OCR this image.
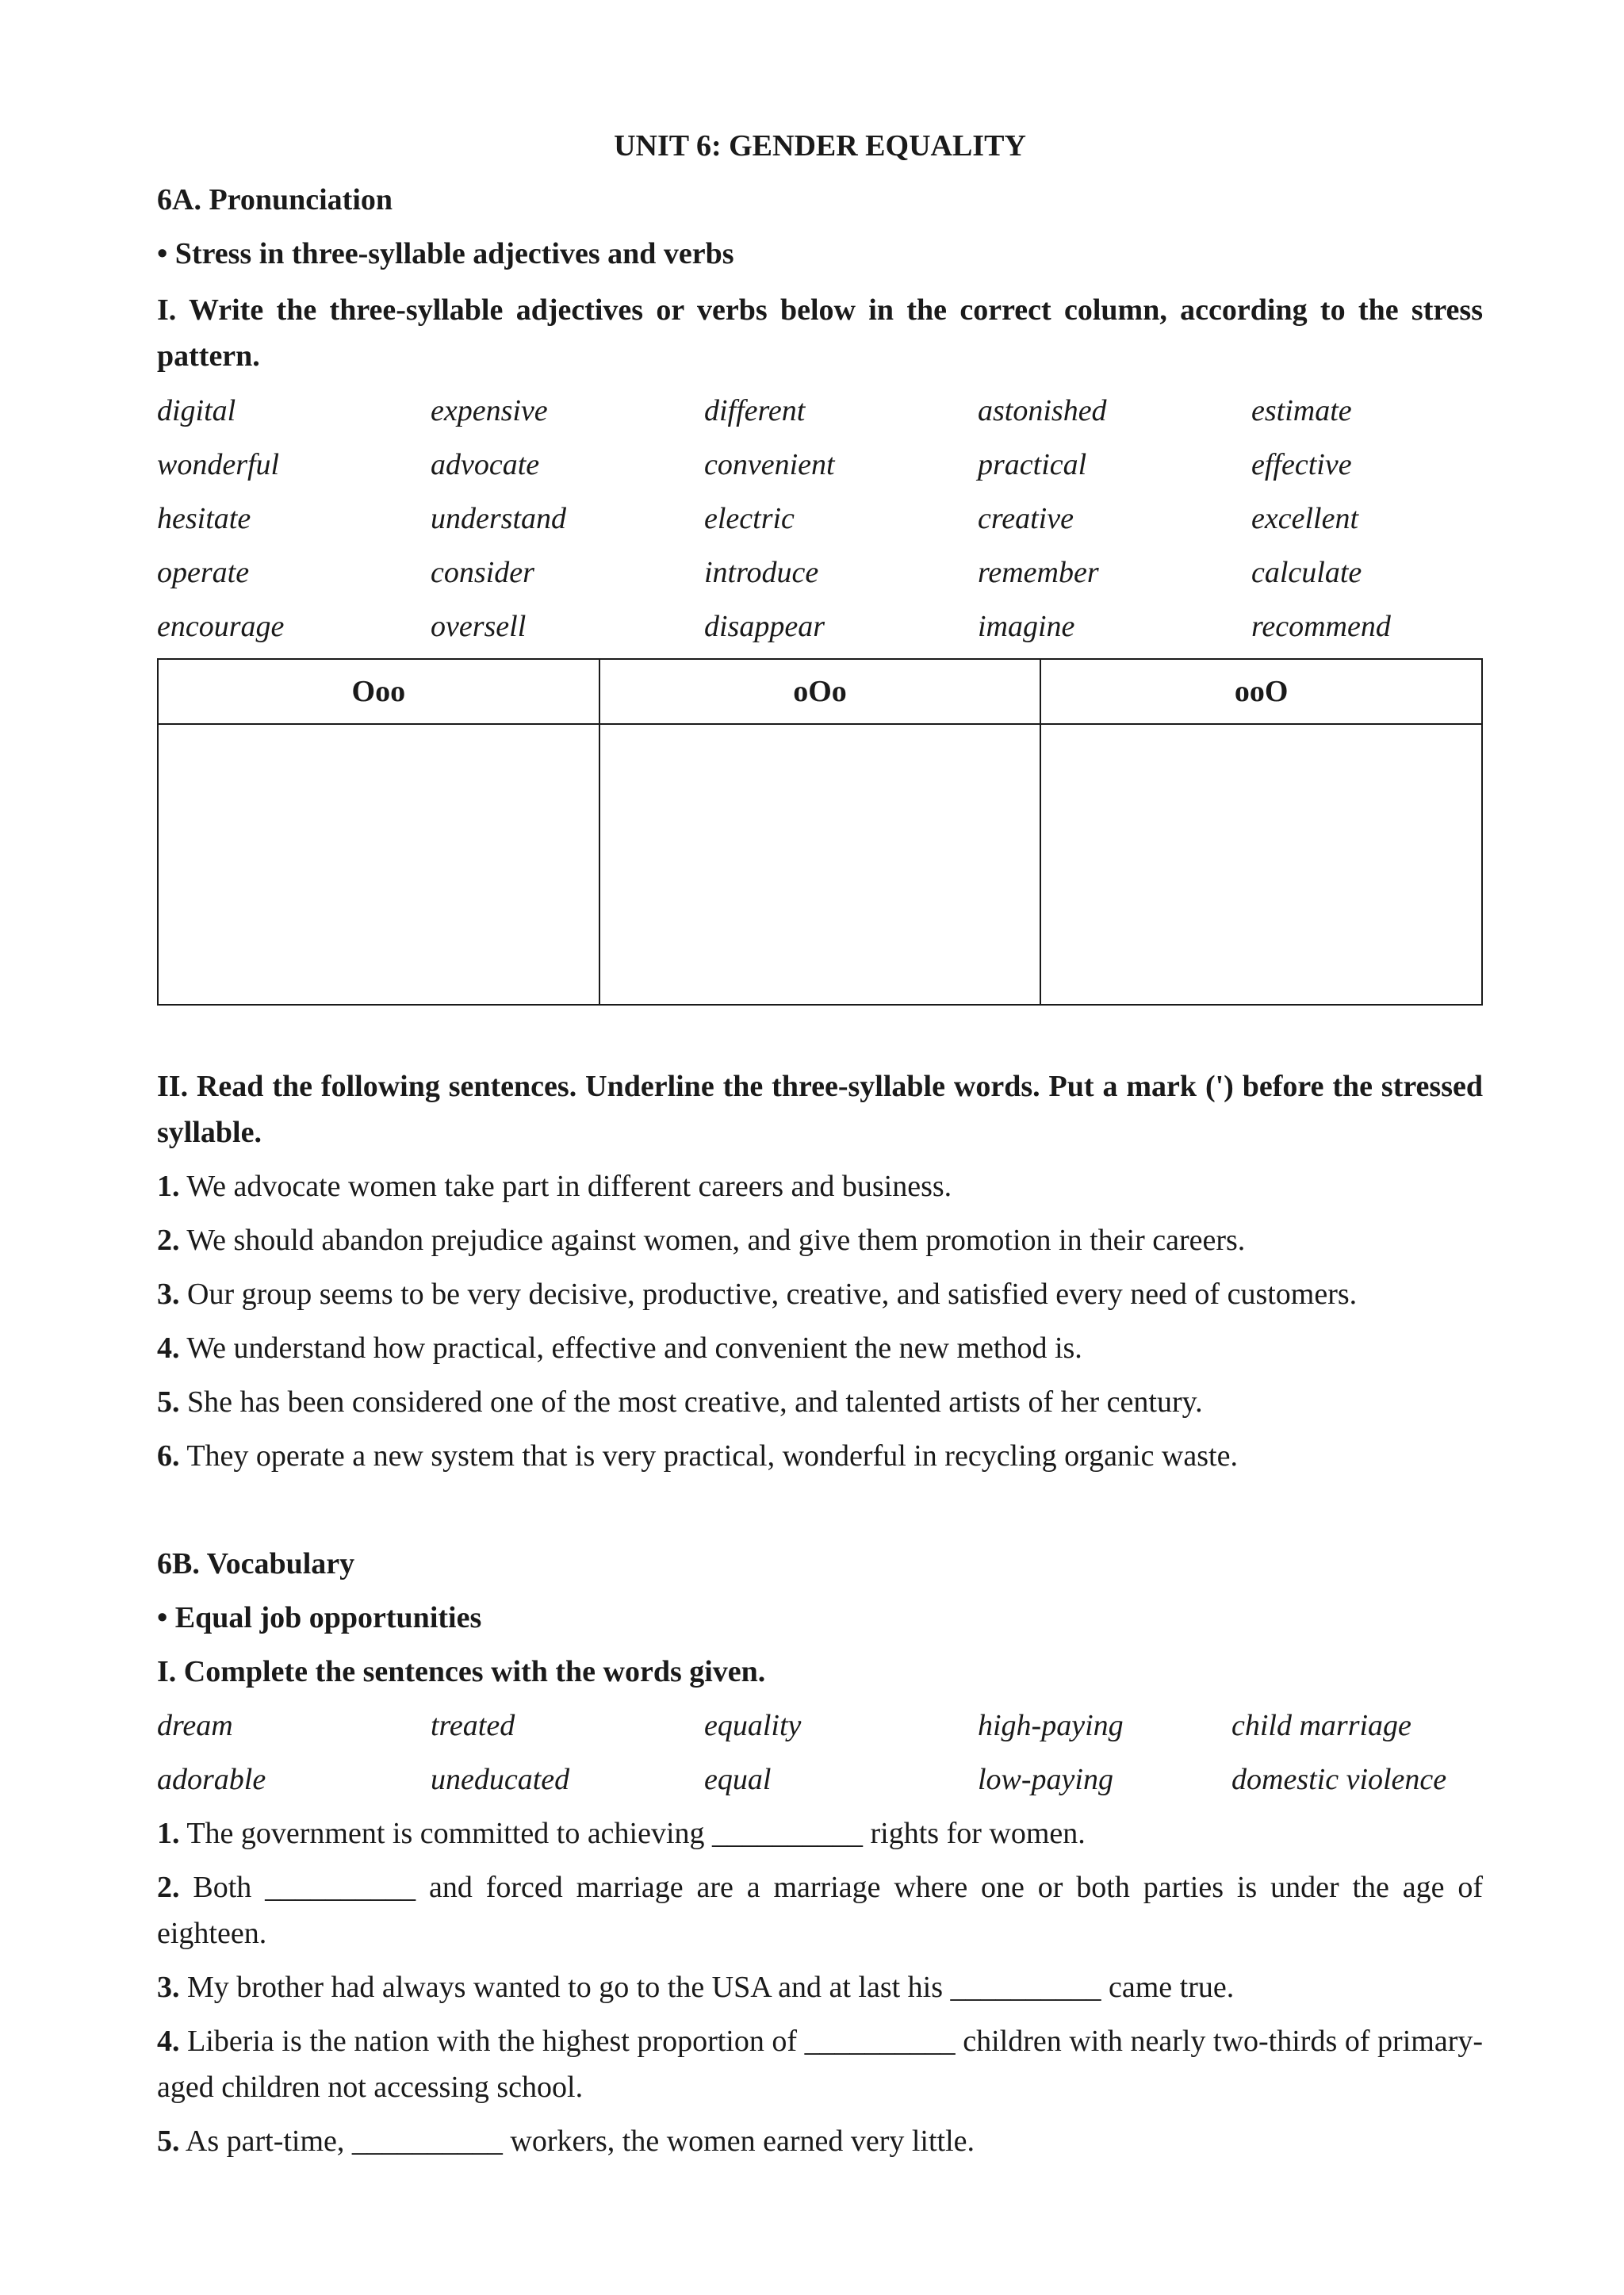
UNIT 6: GENDER EQUALITY
6A. Pronunciation
• Stress in three-syllable adjectives and verbs
I. Write the three-syllable adjectives or verbs below in the correct column, according to the stress pattern.
digital	expensive	different	astonished	estimate
wonderful	advocate	convenient	practical	effective
hesitate	understand	electric	creative	excellent
operate	consider	introduce	remember	calculate
encourage	oversell	disappear	imagine	recommend
Ooo	oOo	ooO

II. Read the following sentences. Underline the three-syllable words. Put a mark (') before the stressed syllable.
1. We advocate women take part in different careers and business.
2. We should abandon prejudice against women, and give them promotion in their careers.
3. Our group seems to be very decisive, productive, creative, and satisfied every need of customers.
4. We understand how practical, effective and convenient the new method is.
5. She has been considered one of the most creative, and talented artists of her century.
6. They operate a new system that is very practical, wonderful in recycling organic waste.
6B. Vocabulary
• Equal job opportunities
I. Complete the sentences with the words given.
dream	treated	equality	high-paying	child marriage
adorable	uneducated	equal	low-paying	domestic violence
1. The government is committed to achieving __________ rights for women.
2. Both __________ and forced marriage are a marriage where one or both parties is under the age of eighteen.
3. My brother had always wanted to go to the USA and at last his __________ came true.
4. Liberia is the nation with the highest proportion of __________ children with nearly two-thirds of primary-aged children not accessing school.
5. As part-time, __________ workers, the women earned very little.
